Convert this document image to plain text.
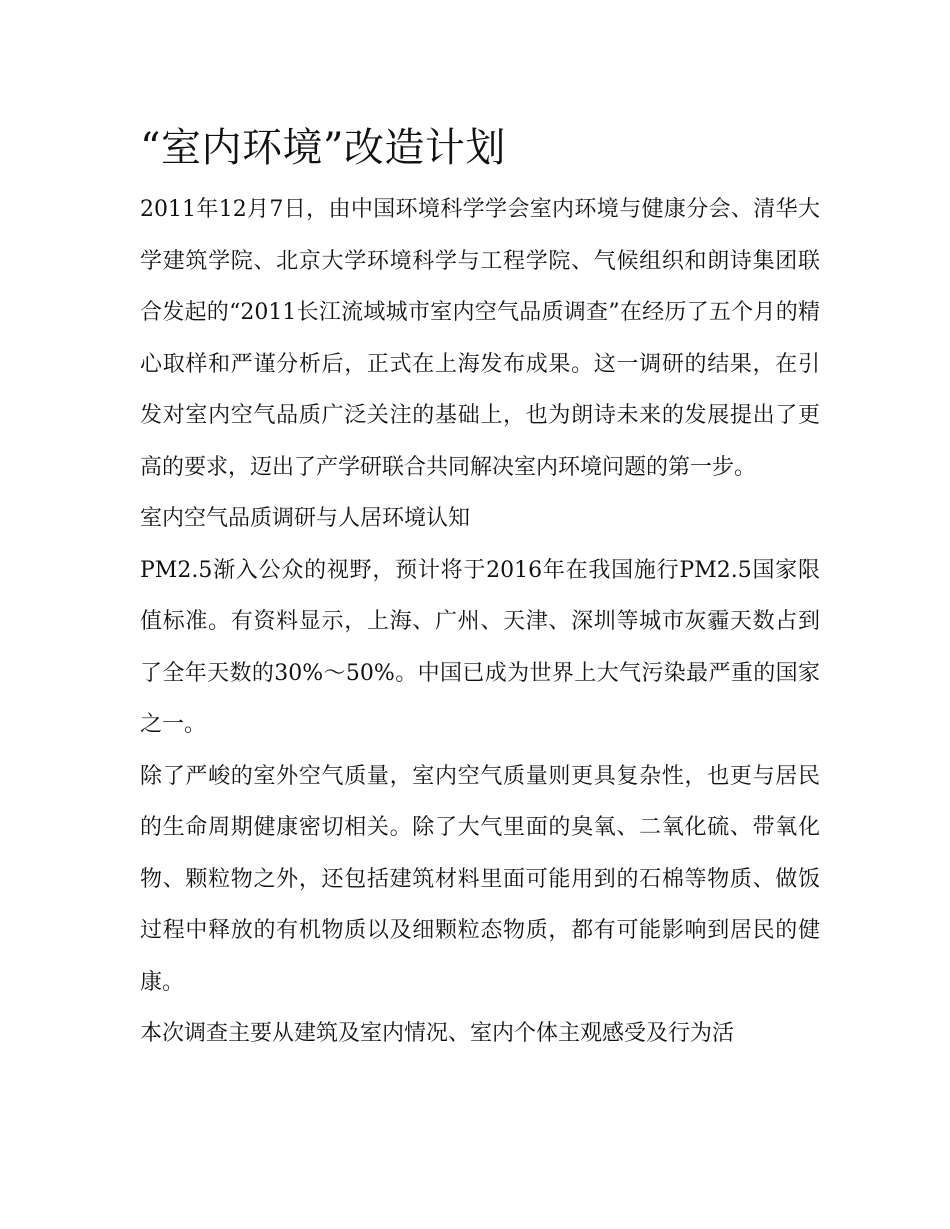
“室内环境”改造计划

2011年12月7日，由中国环境科学学会室内环境与健康分会、清华大学建筑学院、北京大学环境科学与工程学院、气候组织和朗诗集团联合发起的“2011长江流域城市室内空气品质调查”在经历了五个月的精心取样和严谨分析后，正式在上海发布成果。这一调研的结果，在引发对室内空气品质广泛关注的基础上，也为朗诗未来的发展提出了更高的要求，迈出了产学研联合共同解决室内环境问题的第一步。

室内空气品质调研与人居环境认知

PM2.5渐入公众的视野，预计将于2016年在我国施行PM2.5国家限值标准。有资料显示，上海、广州、天津、深圳等城市灰霾天数占到了全年天数的30%～50%。中国已成为世界上大气污染最严重的国家之一。

除了严峻的室外空气质量，室内空气质量则更具复杂性，也更与居民的生命周期健康密切相关。除了大气里面的臭氧、二氧化硫、带氧化物、颗粒物之外，还包括建筑材料里面可能用到的石棉等物质、做饭过程中释放的有机物质以及细颗粒态物质，都有可能影响到居民的健康。

本次调查主要从建筑及室内情况、室内个体主观感受及行为活
